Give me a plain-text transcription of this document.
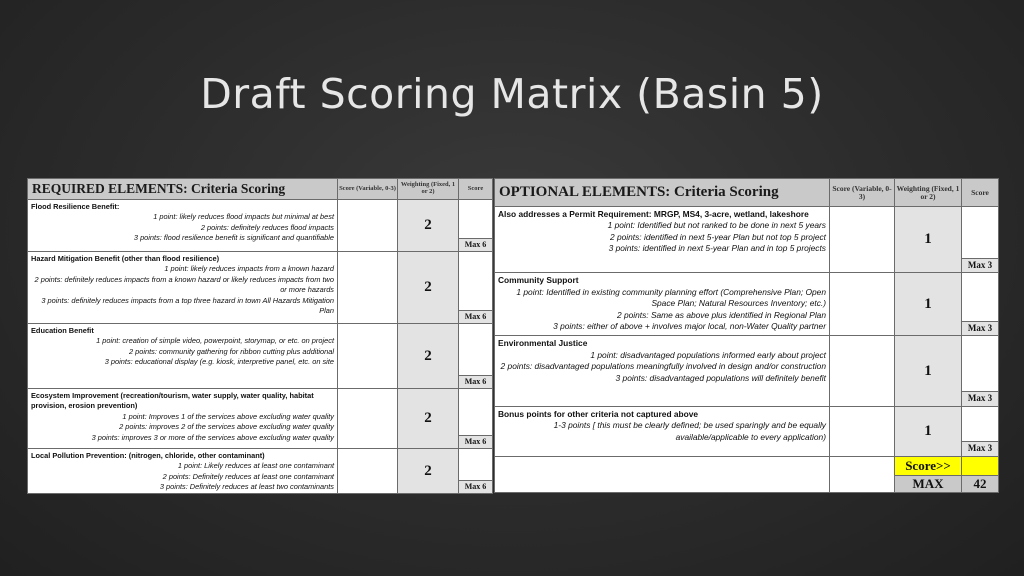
Draft Scoring Matrix (Basin 5)
REQUIRED ELEMENTS: Criteria Scoring	Score (Variable, 0-3)	Weighting (Fixed, 1 or 2)	Score

Flood Resilience Benefit:
1 point: likely reduces flood impacts but minimal at best
2 points: definitely reduces flood impacts
3 points: flood resilience benefit is significant and quantifiable		2	Max 6

Hazard Mitigation Benefit (other than flood resilience)
1 point: likely reduces impacts from a known hazard
2 points: definitely reduces impacts from a known hazard or likely reduces impacts from two or more hazards
3 points: definitely reduces impacts from a top three hazard in town All Hazards Mitigation Plan		2	Max 6

Education Benefit
1 point: creation of simple video, powerpoint, storymap, or etc. on project
2 points: community gathering for ribbon cutting plus additional
3 points: educational display (e.g. kiosk, interpretive panel, etc. on site		2	Max 6

Ecosystem Improvement (recreation/tourism, water supply, water quality, habitat provision, erosion prevention)
1 point: Improves 1 of the services above excluding water quality
2 points: improves 2 of the services above excluding water quality
3 points: improves 3 or more of the services above excluding water quality		2	Max 6

Local Pollution Prevention: (nitrogen, chloride, other contaminant)
1 point: Likely reduces at least one contaminant
2 points: Definitely reduces at least one contaminant
3 points: Definitely reduces at least two contaminants		2	Max 6
OPTIONAL ELEMENTS: Criteria Scoring	Score (Variable, 0-3)	Weighting (Fixed, 1 or 2)	Score

Also addresses a Permit Requirement: MRGP, MS4, 3-acre, wetland, lakeshore
1 point: Identified but not ranked to be done in next 5 years
2 points: identified in next 5-year Plan but not top 5 project
3 points: identified in next 5-year Plan and in top 5 projects		1	Max 3

Community Support
1 point: Identified in existing community planning effort (Comprehensive Plan; Open Space Plan; Natural Resources Inventory; etc.)
2 points: Same as above plus identified in Regional Plan
3 points: either of above + involves major local, non-Water Quality partner		1	Max 3

Environmental Justice
1 point: disadvantaged populations informed early about project
2 points: disadvantaged populations meaningfully involved in design and/or construction
3 points: disadvantaged populations will definitely benefit		1	Max 3

Bonus points for other criteria not captured above
1-3 points [ this must be clearly defined; be used sparingly and be equally available/applicable to every application)		1	Max 3

		Score>>	
		MAX	42
